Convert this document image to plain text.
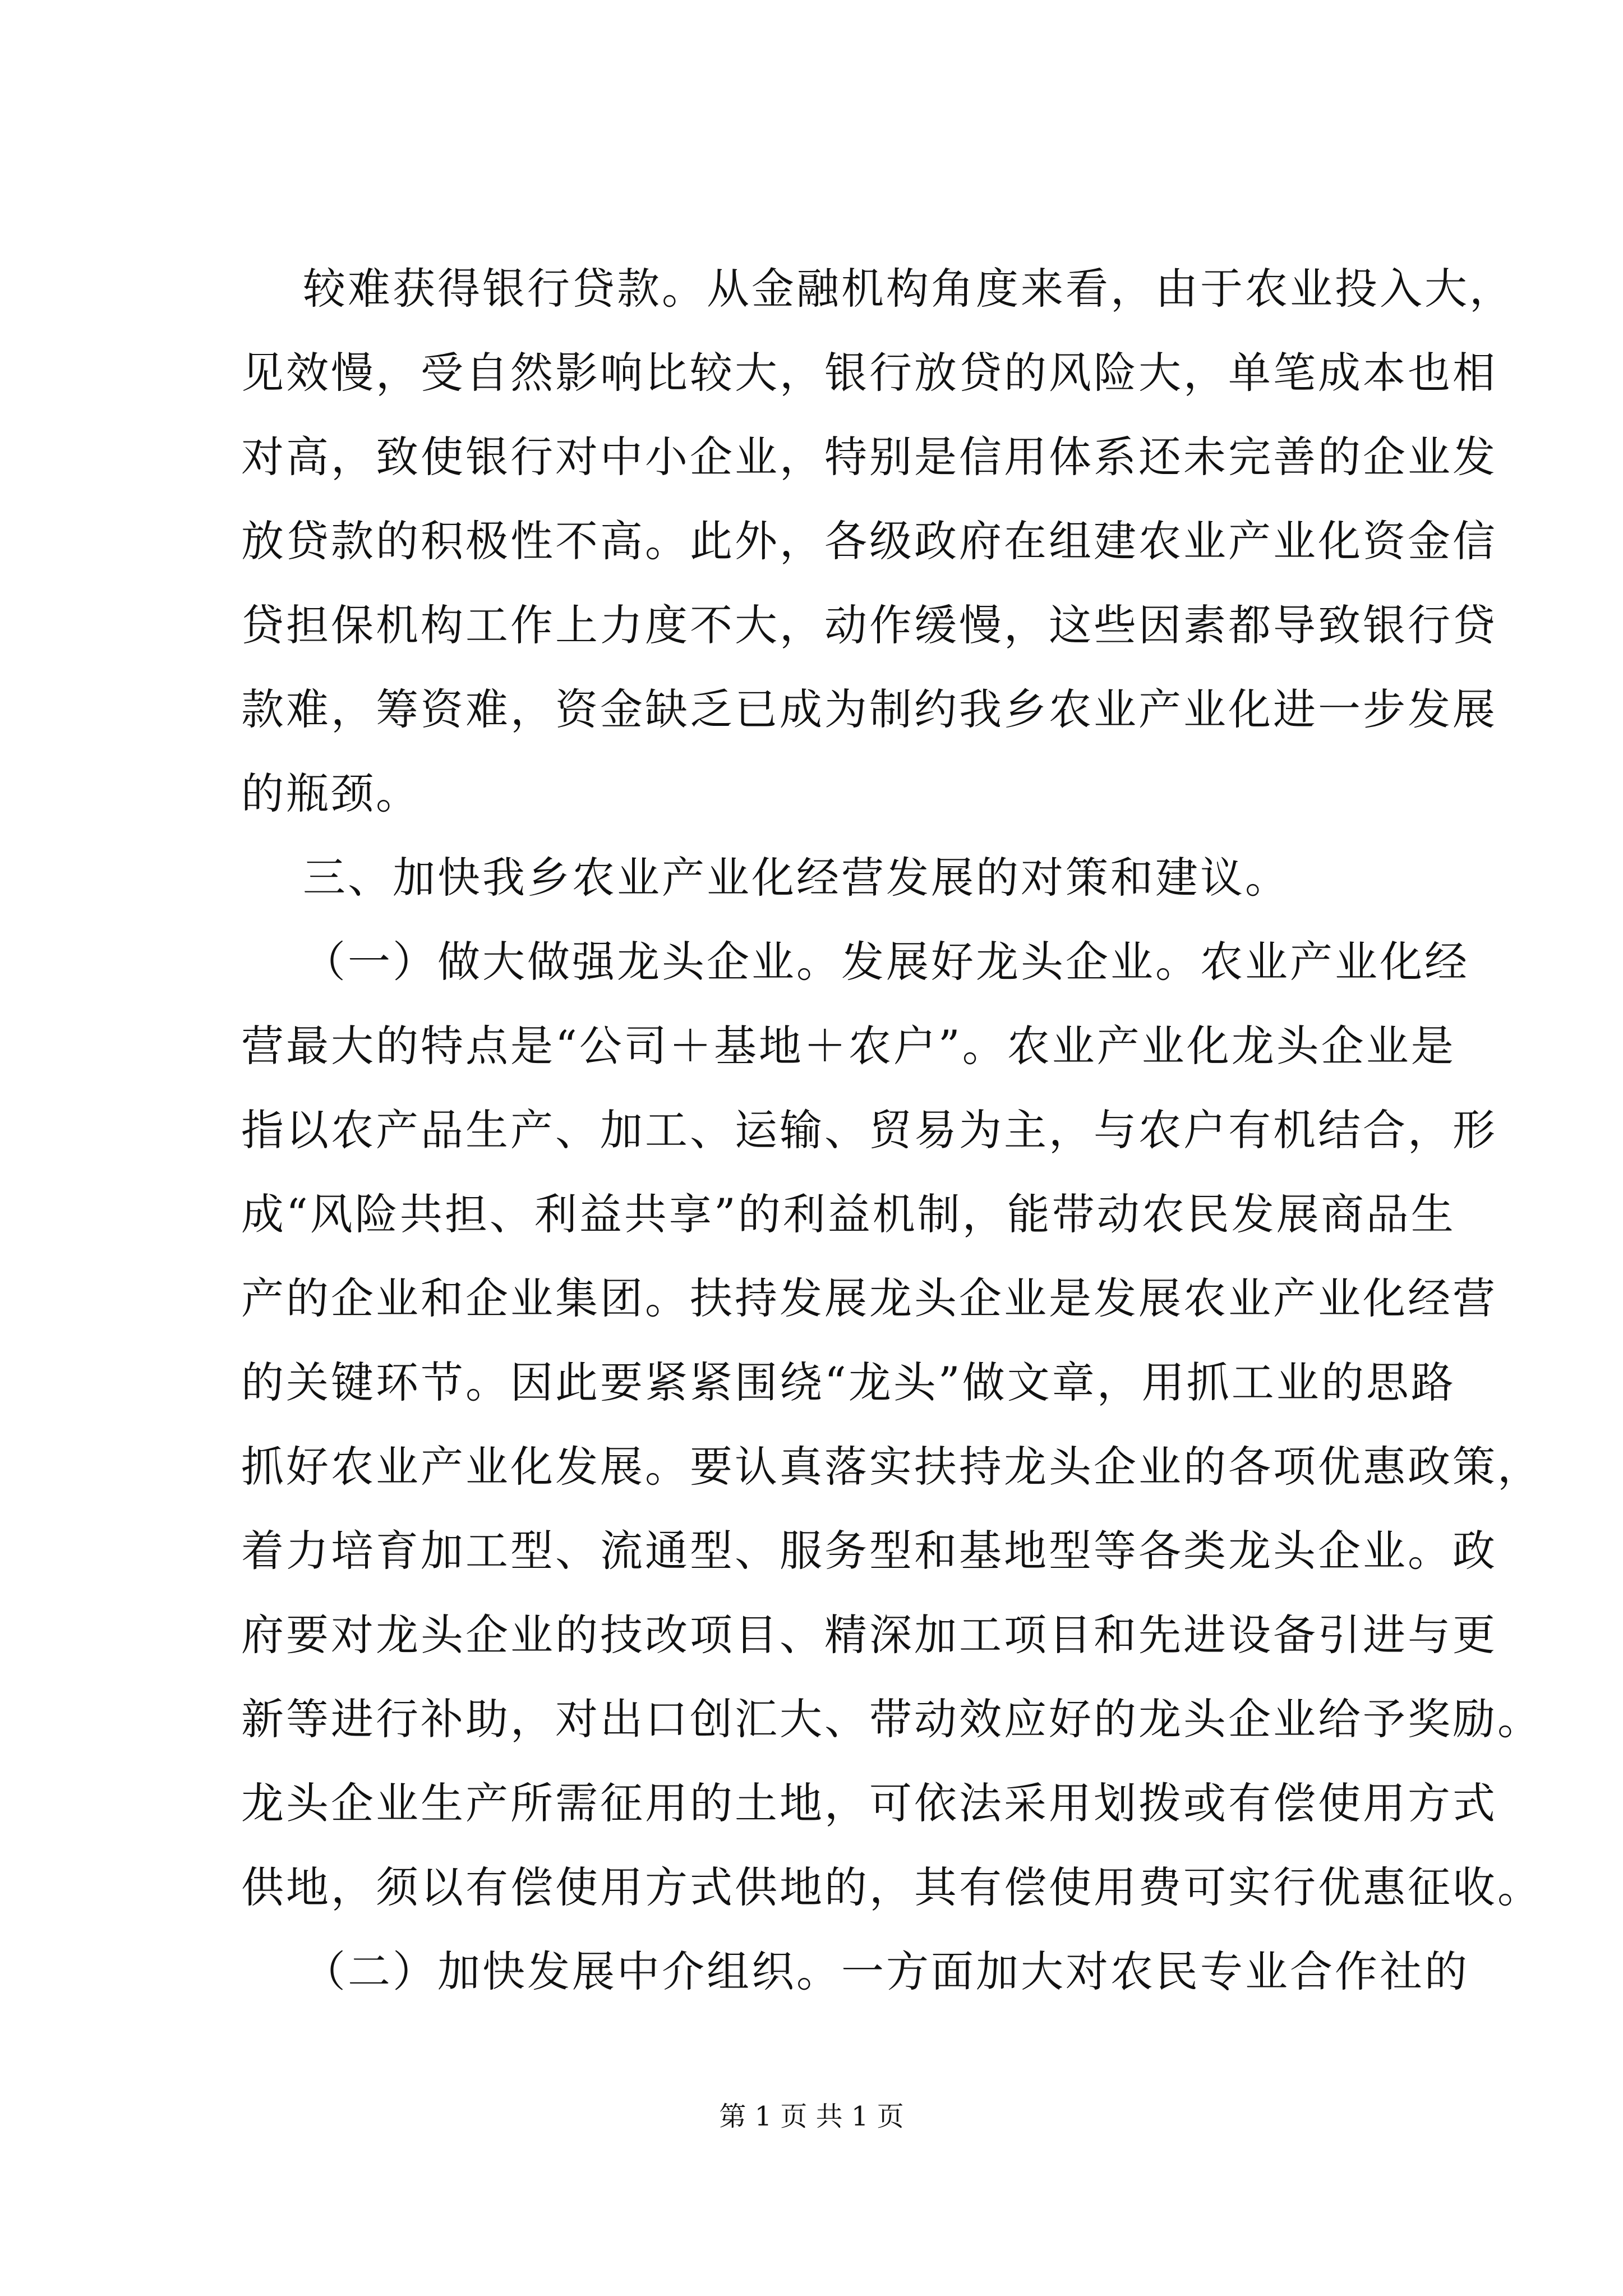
较难获得银行贷款。从金融机构角度来看，由于农业投入大，
见效慢，受自然影响比较大，银行放贷的风险大，单笔成本也相
对高，致使银行对中小企业，特别是信用体系还未完善的企业发
放贷款的积极性不高。此外，各级政府在组建农业产业化资金信
贷担保机构工作上力度不大，动作缓慢，这些因素都导致银行贷
款难，筹资难，资金缺乏已成为制约我乡农业产业化进一步发展
的瓶颈。
三、加快我乡农业产业化经营发展的对策和建议。
（一）做大做强龙头企业。发展好龙头企业。农业产业化经
营最大的特点是“公司＋基地＋农户”。农业产业化龙头企业是
指以农产品生产、加工、运输、贸易为主，与农户有机结合，形
成“风险共担、利益共享”的利益机制，能带动农民发展商品生
产的企业和企业集团。扶持发展龙头企业是发展农业产业化经营
的关键环节。因此要紧紧围绕“龙头”做文章，用抓工业的思路
抓好农业产业化发展。要认真落实扶持龙头企业的各项优惠政策，
着力培育加工型、流通型、服务型和基地型等各类龙头企业。政
府要对龙头企业的技改项目、精深加工项目和先进设备引进与更
新等进行补助，对出口创汇大、带动效应好的龙头企业给予奖励。
龙头企业生产所需征用的土地，可依法采用划拨或有偿使用方式
供地，须以有偿使用方式供地的，其有偿使用费可实行优惠征收。
（二）加快发展中介组织。一方面加大对农民专业合作社的
第 1 页 共 1 页
